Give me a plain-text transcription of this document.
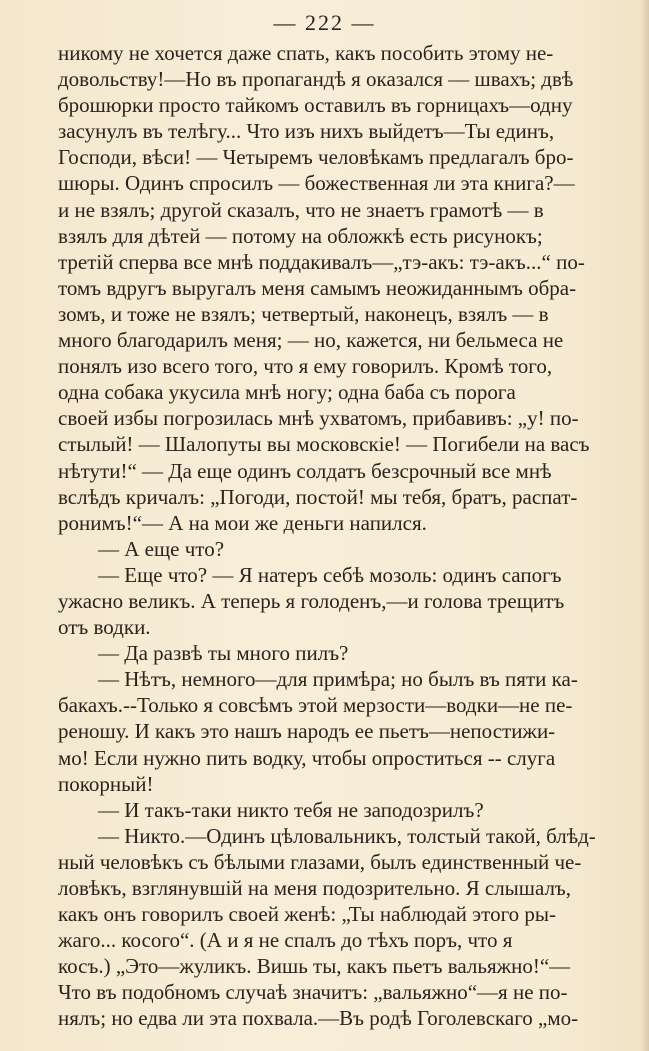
— 222 —
никому не хочется даже спать, какъ пособить этому не-
довольству!—Но въ пропагандѣ я оказался — швахъ; двѣ
брошюрки просто тайкомъ оставилъ въ горницахъ—одну
засунулъ въ телѣгу... Что изъ нихъ выйдетъ—Ты единъ,
Господи, вѣси! — Четыремъ человѣкамъ предлагалъ бро-
шюры. Одинъ спросилъ — божественная ли эта книга?—
и не взялъ; другой сказалъ, что не знаетъ грамотѣ — в
взялъ для дѣтей — потому на обложкѣ есть рисунокъ;
третій сперва все мнѣ поддакивалъ—„тэ-акъ: тэ-акъ...“ по-
томъ вдругъ выругалъ меня самымъ неожиданнымъ обра-
зомъ, и тоже не взялъ; четвертый, наконецъ, взялъ — в
много благодарилъ меня; — но, кажется, ни бельмеса не
понялъ изо всего того, что я ему говорилъ. Кромѣ того,
одна собака укусила мнѣ ногу; одна баба съ порога
своей избы погрозилась мнѣ ухватомъ, прибавивъ: „у! по-
стылый! — Шалопуты вы московскіе! — Погибели на васъ
нѣтути!“ — Да еще одинъ солдатъ безсрочный все мнѣ
вслѣдъ кричалъ: „Погоди, постой! мы тебя, братъ, распат-
ронимъ!“— А на мои же деньги напился.
— А еще что?
— Еще что? — Я натеръ себѣ мозоль: одинъ сапогъ
ужасно великъ. А теперь я голоденъ,—и голова трещитъ
отъ водки.
— Да развѣ ты много пилъ?
— Нѣтъ, немного—для примѣра; но былъ въ пяти ка-
бакахъ.--Только я совсѣмъ этой мерзости—водки—не пе-
реношу. И какъ это нашъ народъ ее пьетъ—непостижи-
мо! Если нужно пить водку, чтобы опроститься -- слуга
покорный!
— И такъ-таки никто тебя не заподозрилъ?
— Никто.—Одинъ цѣловальникъ, толстый такой, блѣд-
ный человѣкъ съ бѣлыми глазами, былъ единственный че-
ловѣкъ, взглянувшій на меня подозрительно. Я слышалъ,
какъ онъ говорилъ своей женѣ: „Ты наблюдай этого ры-
жаго... косого“. (А и я не спалъ до тѣхъ поръ, что я
косъ.) „Это—жуликъ. Вишь ты, какъ пьетъ вальяжно!“—
Что въ подобномъ случаѣ значитъ: „вальяжно“—я не по-
нялъ; но едва ли эта похвала.—Въ родѣ Гоголевскаго „мо-
